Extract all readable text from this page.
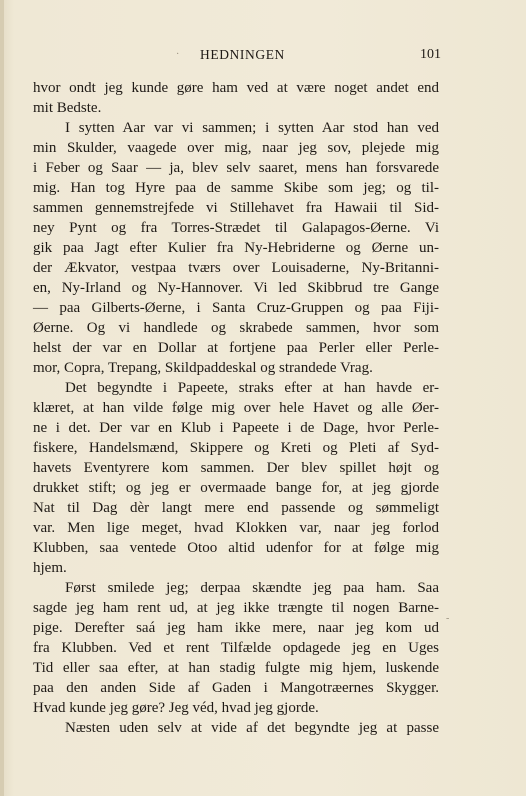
HEDNINGEN	101
·
-
hvor ondt jeg kunde gøre ham ved at være noget andet end
mit Bedste.
I sytten Aar var vi sammen; i sytten Aar stod han ved
min Skulder, vaagede over mig, naar jeg sov, plejede mig
i Feber og Saar — ja, blev selv saaret, mens han forsvarede
mig. Han tog Hyre paa de samme Skibe som jeg; og til-
sammen gennemstrejfede vi Stillehavet fra Hawaii til Sid-
ney Pynt og fra Torres-Strædet til Galapagos-Øerne. Vi
gik paa Jagt efter Kulier fra Ny-Hebriderne og Øerne un-
der Ækvator, vestpaa tværs over Louisaderne, Ny-Britanni-
en, Ny-Irland og Ny-Hannover. Vi led Skibbrud tre Gange
— paa Gilberts-Øerne, i Santa Cruz-Gruppen og paa Fiji-
Øerne. Og vi handlede og skrabede sammen, hvor som
helst der var en Dollar at fortjene paa Perler eller Perle-
mor, Copra, Trepang, Skildpaddeskal og strandede Vrag.
Det begyndte i Papeete, straks efter at han havde er-
klæret, at han vilde følge mig over hele Havet og alle Øer-
ne i det. Der var en Klub i Papeete i de Dage, hvor Perle-
fiskere, Handelsmænd, Skippere og Kreti og Pleti af Syd-
havets Eventyrere kom sammen. Der blev spillet højt og
drukket stift; og jeg er overmaade bange for, at jeg gjorde
Nat til Dag dèr langt mere end passende og sømmeligt
var. Men lige meget, hvad Klokken var, naar jeg forlod
Klubben, saa ventede Otoo altid udenfor for at følge mig
hjem.
Først smilede jeg; derpaa skændte jeg paa ham. Saa
sagde jeg ham rent ud, at jeg ikke trængte til nogen Barne-
pige. Derefter saá jeg ham ikke mere, naar jeg kom ud
fra Klubben. Ved et rent Tilfælde opdagede jeg en Uges
Tid eller saa efter, at han stadig fulgte mig hjem, luskende
paa den anden Side af Gaden i Mangotræernes Skygger.
Hvad kunde jeg gøre? Jeg véd, hvad jeg gjorde.
Næsten uden selv at vide af det begyndte jeg at passe
